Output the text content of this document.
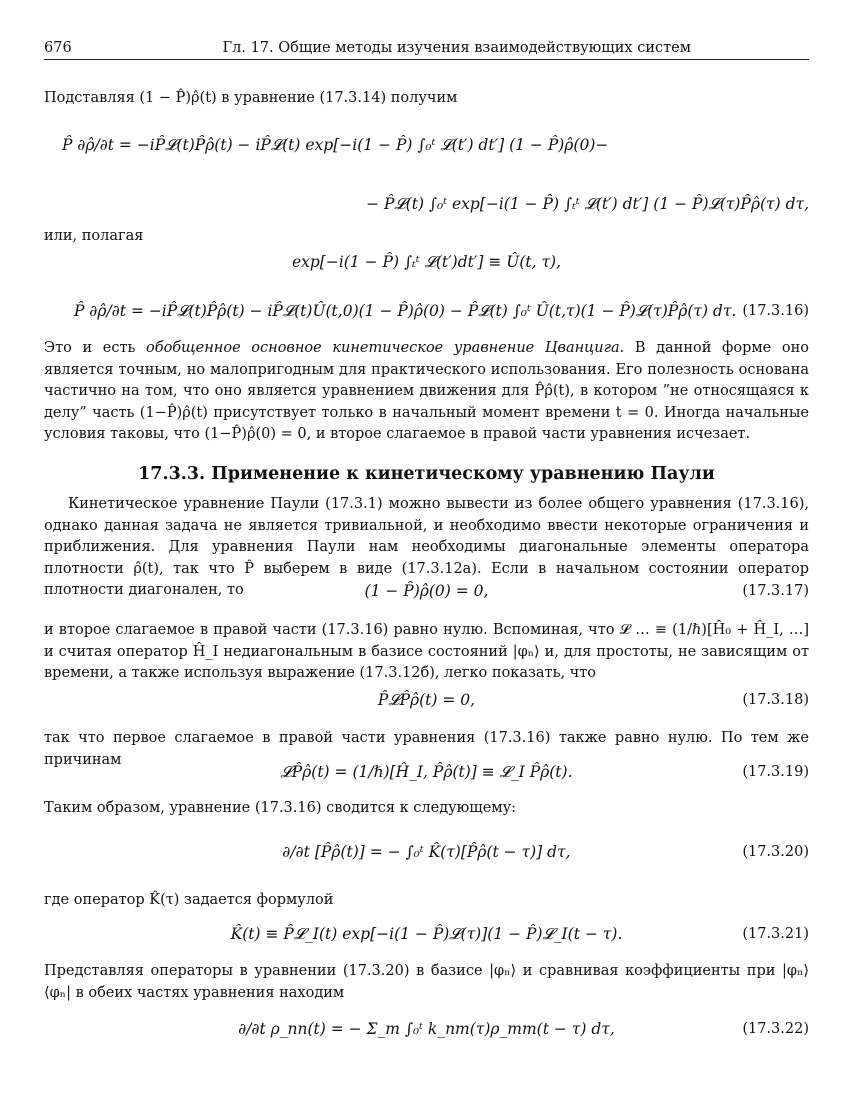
676	Гл. 17. Общие методы изучения взаимодействующих систем

Подставляя (1 − P̂)ρ̂(t) в уравнение (17.3.14) получим

P̂ ∂ρ̂/∂t = −iP̂𝓛(t)P̂ρ̂(t) − iP̂𝓛(t) exp[−i(1 − P̂) ∫₀ᵗ 𝓛(t′) dt′] (1 − P̂)ρ̂(0)−
− P̂𝓛(t) ∫₀ᵗ exp[−i(1 − P̂) ∫ₜᵗ 𝓛(t′) dt′] (1 − P̂)𝓛(τ)P̂ρ̂(τ) dτ,

или, полагая

exp[−i(1 − P̂) ∫ₜᵗ 𝓛(t′)dt′] ≡ Û(t, τ),
P̂ ∂ρ̂/∂t = −iP̂𝓛(t)P̂ρ̂(t) − iP̂𝓛(t)Û(t,0)(1 − P̂)ρ̂(0) − P̂𝓛(t) ∫₀ᵗ Û(t,τ)(1 − P̂)𝓛(τ)P̂ρ̂(τ) dτ. (17.3.16)

Это и есть обобщенное основное кинетическое уравнение Цванцига. В данной форме оно является точным, но малопригодным для практического использования. Его полезность основана частично на том, что оно является уравнением движения для P̂ρ̂(t), в котором ”не относящаяся к делу” часть (1−P̂)ρ̂(t) присутствует только в начальный момент времени t = 0. Иногда начальные условия таковы, что (1−P̂)ρ̂(0) = 0, и второе слагаемое в правой части уравнения исчезает.

17.3.3. Применение к кинетическому уравнению Паули

Кинетическое уравнение Паули (17.3.1) можно вывести из более общего уравнения (17.3.16), однако данная задача не является тривиальной, и необходимо ввести некоторые ограничения и приближения. Для уравнения Паули нам необходимы диагональные элементы оператора плотности ρ̂(t), так что P̂ выберем в виде (17.3.12а). Если в начальном состоянии оператор плотности диагонален, то	(1 − P̂)ρ̂(0) = 0,	(17.3.17)

и второе слагаемое в правой части (17.3.16) равно нулю. Вспоминая, что 𝓛 … ≡ (1/ℏ)[Ĥ₀ + Ĥ_I, …] и считая оператор Ĥ_I недиагональным в базисе состояний |φₙ⟩ и, для простоты, не зависящим от времени, а также используя выражение (17.3.12б), легко показать, что

P̂𝓛P̂ρ̂(t) = 0,	(17.3.18)

так что первое слагаемое в правой части уравнения (17.3.16) также равно нулю. По тем же причинам

𝓛P̂ρ̂(t) = (1/ℏ)[Ĥ_I, P̂ρ̂(t)] ≡ 𝓛_I P̂ρ̂(t).	(17.3.19)

Таким образом, уравнение (17.3.16) сводится к следующему:

∂/∂t [P̂ρ̂(t)] = − ∫₀ᵗ K̂(τ)[P̂ρ̂(t − τ)] dτ,	(17.3.20)

где оператор K̂(τ) задается формулой

K̂(t) ≡ P̂𝓛_I(t) exp[−i(1 − P̂)𝓛(τ)](1 − P̂)𝓛_I(t − τ).	(17.3.21)

Представляя операторы в уравнении (17.3.20) в базисе |φₙ⟩ и сравнивая коэффициенты при |φₙ⟩⟨φₙ| в обеих частях уравнения находим

∂/∂t ρ_nn(t) = − Σ_m ∫₀ᵗ k_nm(τ)ρ_mm(t − τ) dτ,	(17.3.22)
